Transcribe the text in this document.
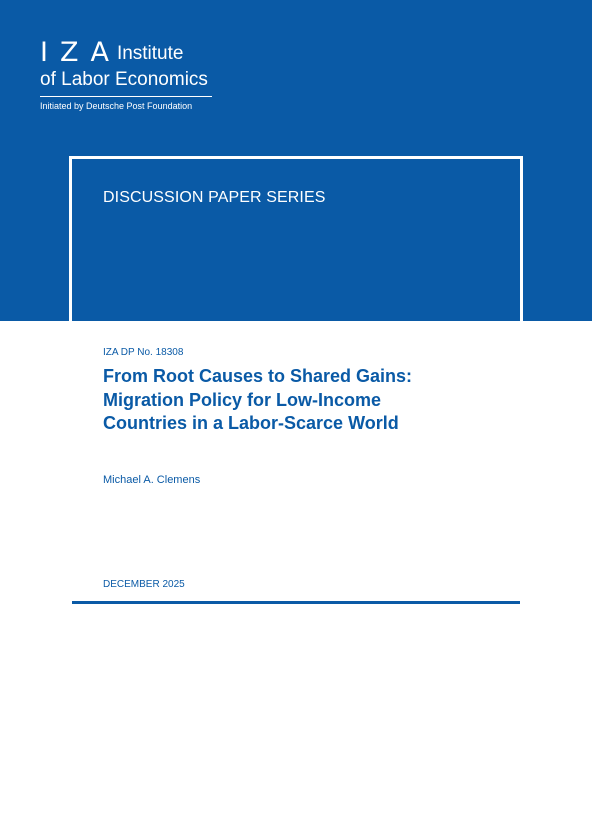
IZA
Institute
of Labor Economics
Initiated by Deutsche Post Foundation
DISCUSSION PAPER SERIES
IZA DP No. 18308
From Root Causes to Shared Gains:
Migration Policy for Low-Income
Countries in a Labor-Scarce World
Michael A. Clemens
DECEMBER 2025
